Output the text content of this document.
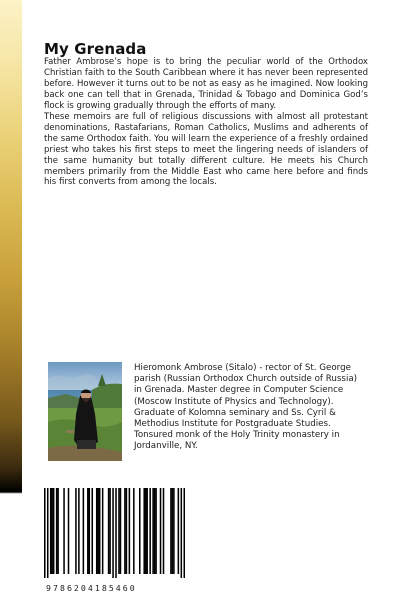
My Grenada

Father Ambrose’s hope is to bring the peculiar world of the Orthodox Christian faith to the South Caribbean where it has never been represented before. However it turns out to be not as easy as he imagined. Now looking back one can tell that in Grenada, Trinidad & Tobago and Dominica God’s flock is growing gradually through the efforts of many.

These memoirs are full of religious discussions with almost all protestant denominations, Rastafarians, Roman Catholics, Muslims and adherents of the same Orthodox faith. You will learn the experience of a freshly ordained priest who takes his first steps to meet the lingering needs of islanders of the same humanity but totally different culture. He meets his Church members primarily from the Middle East who came here before and finds his first converts from among the locals.

Hieromonk Ambrose (Sitalo) - rector of St. George parish (Russian Orthodox Church outside of Russia) in Grenada. Master degree in Computer Science (Moscow Institute of Physics and Technology). Graduate of Kolomna seminary and Ss. Cyril & Methodius Institute for Postgraduate Studies. Tonsured monk of the Holy Trinity monastery in Jordanville, NY.

9786204185460
